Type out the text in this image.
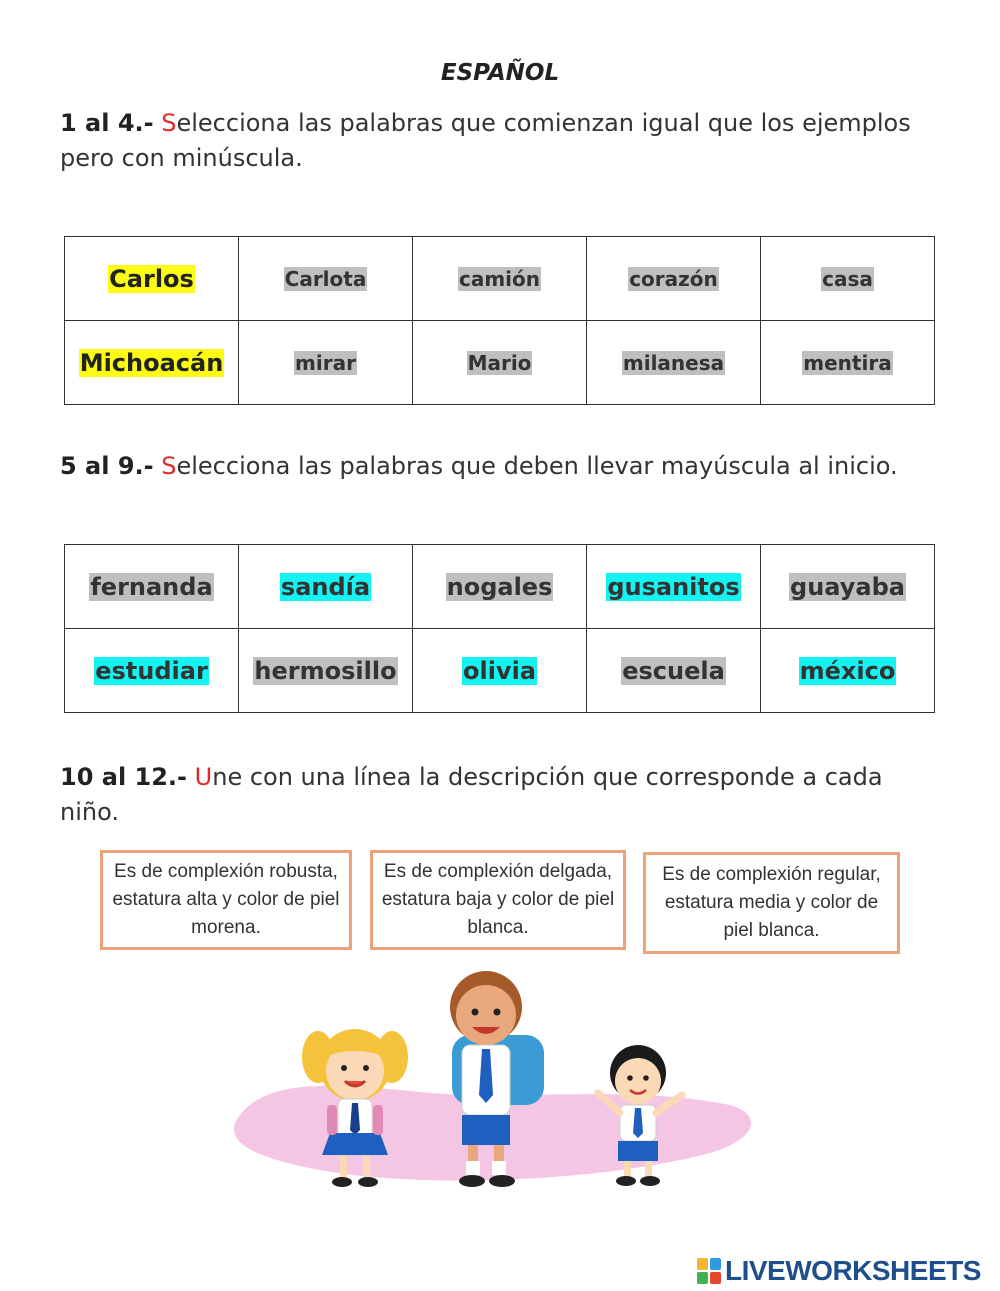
ESPAÑOL
1 al 4.- Selecciona las palabras que comienzan igual que los ejemplos pero con minúscula.
Carlos	Carlota	camión	corazón	casa
Michoacán	mirar	Mario	milanesa	mentira
5 al 9.- Selecciona las palabras que deben llevar mayúscula al inicio.
fernanda	sandía	nogales	gusanitos	guayaba
estudiar	hermosillo	olivia	escuela	méxico
10 al 12.- Une con una línea la descripción que corresponde a cada niño.
Es de complexión robusta, estatura alta y color de piel morena.
Es de complexión delgada, estatura baja y color de piel blanca.
Es de complexión regular, estatura media y color de piel blanca.
LIVEWORKSHEETS
